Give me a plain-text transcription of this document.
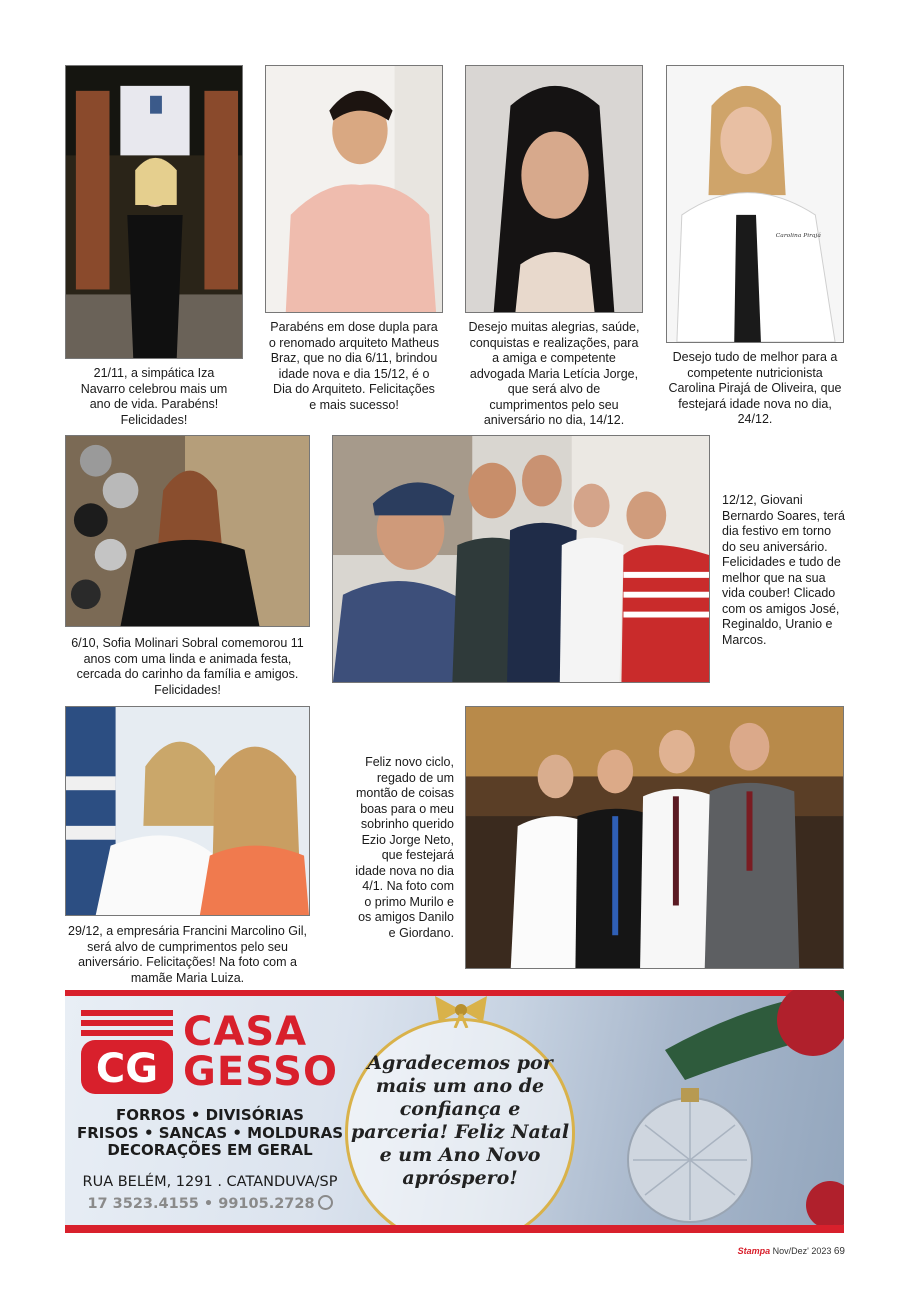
21/11, a simpática Iza Navarro celebrou mais um ano de vida. Parabéns! Felicidades!
Parabéns em dose dupla para o renomado arquiteto Matheus Braz, que no dia 6/11, brindou idade nova e dia 15/12, é o Dia do Arquiteto. Felicitações e mais sucesso!
Desejo muitas alegrias, saúde, conquistas e realizações, para a amiga e competente advogada Maria Letícia Jorge, que será alvo de cumprimentos pelo seu aniversário no dia, 14/12.
Carolina Pirajá
Desejo tudo de melhor para a competente nutricionista Carolina Pirajá de Oliveira, que festejará idade nova no dia, 24/12.
6/10, Sofia Molinari Sobral comemorou 11 anos com uma linda e animada festa, cercada do carinho da família e amigos. Felicidades!
12/12, Giovani Bernardo Soares, terá dia festivo em torno do seu aniversário. Felicidades e tudo de melhor que na sua vida couber! Clicado com os amigos José, Reginaldo, Uranio e Marcos.
29/12, a empresária Francini Marcolino Gil, será alvo de cumprimentos pelo seu aniversário. Felicitações! Na foto com a mamãe Maria Luiza.
Feliz novo ciclo, regado de um montão de coisas boas para o meu sobrinho querido Ezio Jorge Neto, que festejará idade nova no dia 4/1. Na foto com o primo Murilo e os amigos Danilo e Giordano.
CG
CASA
GESSO
FORROS • DIVISÓRIAS
FRISOS • SANCAS • MOLDURAS
DECORAÇÕES EM GERAL
RUA BELÉM, 1291 . CATANDUVA/SP
17 3523.4155 • 99105.2728
Agradecemos por mais um ano de confiança e parceria! Feliz Natal e um Ano Novo apróspero!
Stampa Nov/Dez' 2023 69
